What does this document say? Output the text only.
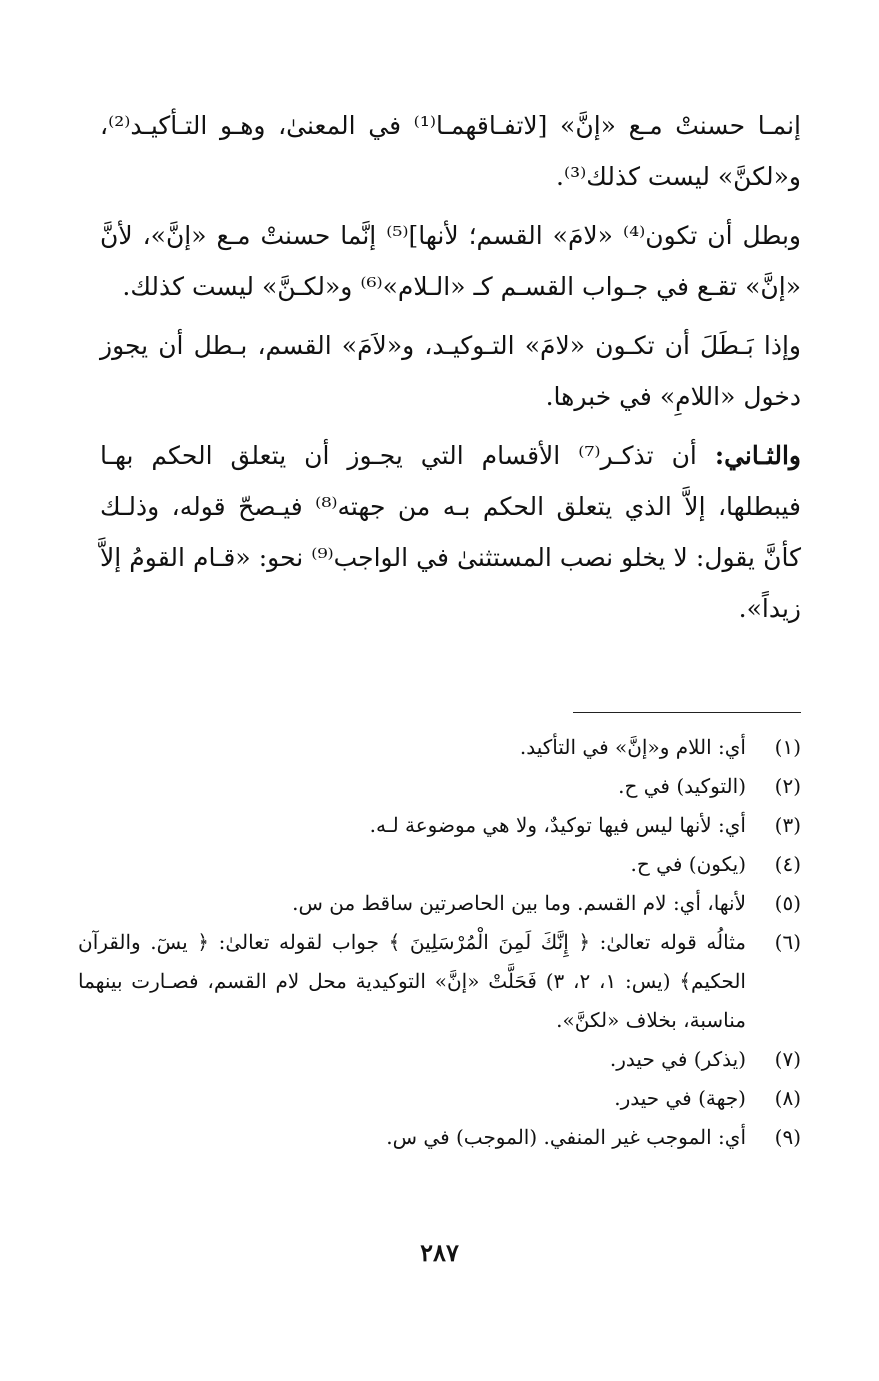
إنمـا حسنتْ مـع «إنَّ» [لاتفـاقهمـا⁽¹⁾ في المعنىٰ، وهـو التـأكيـد⁽²⁾، و«لكنَّ» ليست كذلك⁽³⁾.

وبطل أن تكون⁽⁴⁾ «لامَ» القسم؛ لأنها]⁽⁵⁾ إنَّما حسنتْ مـع «إنَّ»، لأنَّ «إنَّ» تقـع في جـواب القسـم كـ «الـلام»⁽⁶⁾ و«لكـنَّ» ليست كذلك.

وإذا بَـطَلَ أن تكـون «لامَ» التـوكيـد، و«لاَمَ» القسم، بـطل أن يجوز دخول «اللامِ» في خبرها.

والثـاني: أن تذكـر⁽⁷⁾ الأقسام التي يجـوز أن يتعلق الحكم بهـا فيبطلها، إلاَّ الذي يتعلق الحكم بـه من جهته⁽⁸⁾ فيـصحّ قوله، وذلـك كأنَّ يقول: لا يخلو نصب المستثنىٰ في الواجب⁽⁹⁾ نحو: «قـام القومُ إلاَّ زيداً».

(١)
أي: اللام و«إنَّ» في التأكيد.
(٢)
(التوكيد) في ح.
(٣)
أي: لأنها ليس فيها توكيدٌ، ولا هي موضوعة لـه.
(٤)
(يكون) في ح.
(٥)
لأنها، أي: لام القسم. وما بين الحاصرتين ساقط من س.
(٦)
مثالُه قوله تعالىٰ: ﴿ إِنَّكَ لَمِنَ الْمُرْسَلِينَ ﴾ جواب لقوله تعالىٰ: ﴿ يسٓ. والقرآن الحكيم﴾ (يس: ١، ٢، ٣) فَحَلَّتْ «إنَّ» التوكيدية محل لام القسم، فصـارت بينهما مناسبة، بخلاف «لكنَّ».
(٧)
(يذكر) في حيدر.
(٨)
(جهة) في حيدر.
(٩)
أي: الموجب غير المنفي. (الموجب) في س.
٢٨٧
